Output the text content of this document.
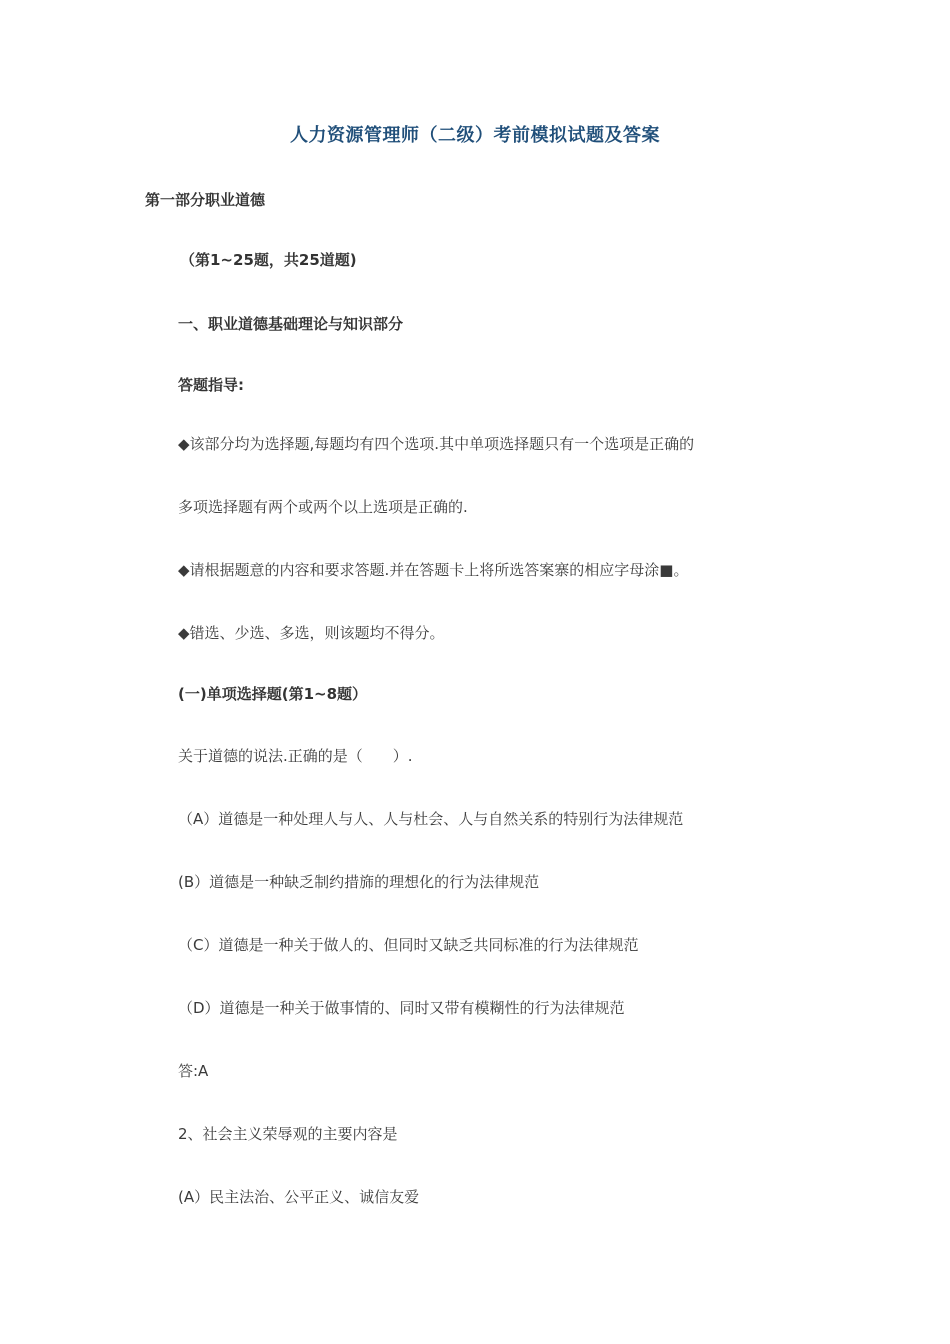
人力资源管理师（二级）考前模拟试题及答案
第一部分职业道德
（第1~25题，共25道题)
一、职业道德基础理论与知识部分
答题指导:
◆该部分均为选择题,每题均有四个选项.其中单项选择题只有一个选项是正确的
多项选择题有两个或两个以上选项是正确的.
◆请根据题意的内容和要求答题.并在答题卡上将所选答案寨的相应字母涂■。
◆错选、少选、多选，则该题均不得分。
(一)单项选择题(第1~8题）
关于道德的说法.正确的是（　　）.
（A）道德是一种处理人与人、人与杜会、人与自然关系的特别行为法律规范
(B）道德是一种缺乏制约措旆的理想化的行为法律规范
（C）道德是一种关于做人的、但同时又缺乏共同标准的行为法律规范
（D）道德是一种关于做事情的、同时又带有模糊性的行为法律规范
答:A
2、社会主义荣辱观的主要内容是
(A）民主法治、公平正义、诚信友爱
